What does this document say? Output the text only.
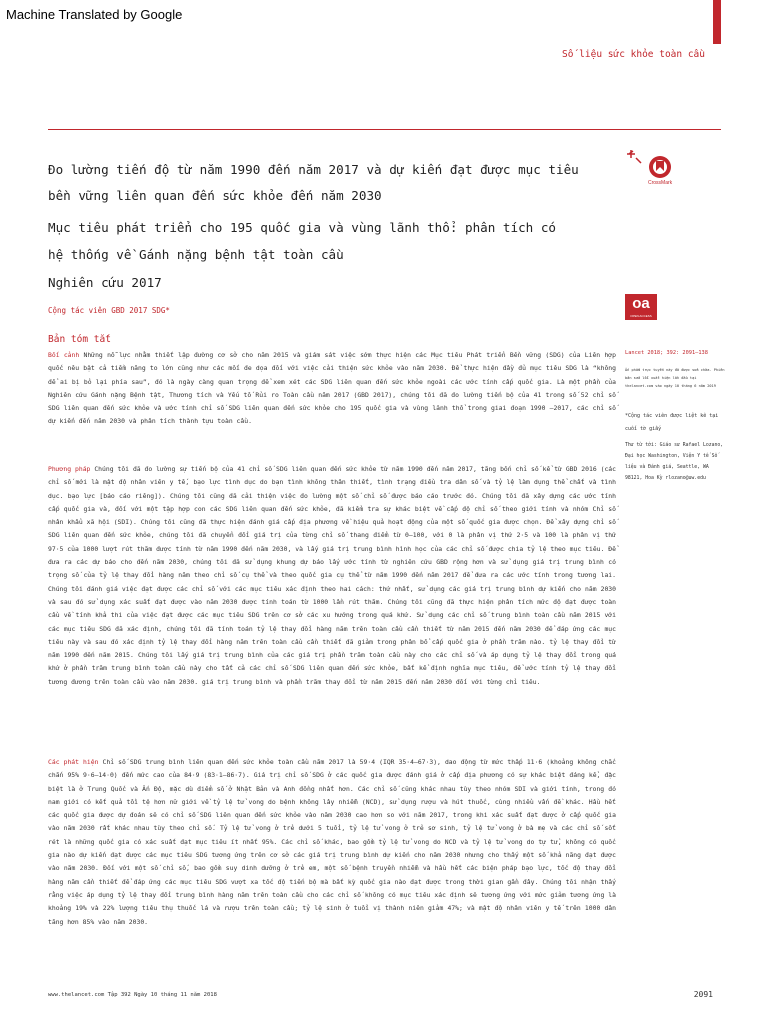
Machine Translated by Google
Số liệu sức khỏe toàn cầu
Đo lường tiến độ từ năm 1990 đến năm 2017 và dự kiến đạt được mục tiêu
bền vững liên quan đến sức khỏe đến năm 2030
Mục tiêu phát triển cho 195 quốc gia và vùng lãnh thổ: phân tích có
hệ thống về Gánh nặng bệnh tật toàn cầu
Nghiên cứu 2017
CrossMark
Cộng tác viên GBD 2017 SDG*	oa
OPEN ACCESS
Bản tóm tắt

Bối cảnh Những nỗ lực nhằm thiết lập đường cơ sở cho năm 2015 và giám sát việc sớm thực hiện các Mục tiêu Phát triển Bền vững (SDG) của Liên hợp quốc nêu bật cả tiềm năng to lớn cũng như các mối đe dọa đối với việc cải thiện sức khỏe vào năm 2030. Để thực hiện đầy đủ mục tiêu SDG là “không để ai bị bỏ lại phía sau”, đó là ngày càng quan trọng để xem xét các SDG liên quan đến sức khỏe ngoài các ước tính cấp quốc gia. Là một phần của Nghiên cứu Gánh nặng Bệnh tật, Thương tích và Yếu tố Rủi ro Toàn cầu năm 2017 (GBD 2017), chúng tôi đã đo lường tiến bộ của 41 trong số 52 chỉ số SDG liên quan đến sức khỏe và ước tính chỉ số SDG liên quan đến sức khỏe cho 195 quốc gia và vùng lãnh thổ trong giai đoạn 1990 –2017, các chỉ số dự kiến đến năm 2030 và phân tích thành tựu toàn cầu.

Phương pháp Chúng tôi đã đo lường sự tiến bộ của 41 chỉ số SDG liên quan đến sức khỏe từ năm 1990 đến năm 2017, tăng bốn chỉ số kể từ GBD 2016 (các chỉ số mới là mật độ nhân viên y tế, bạo lực tình dục do bạn tình không thân thiết, tình trạng điều tra dân số và tỷ lệ làm dụng thể chất và tình dục. bạo lực [báo cáo riêng]). Chúng tôi cũng đã cải thiện việc đo lường một số chỉ số được báo cáo trước đó. Chúng tôi đã xây dựng các ước tính cấp quốc gia và, đối với một tập hợp con các SDG liên quan đến sức khỏe, đã kiểm tra sự khác biệt về cấp độ chỉ số theo giới tính và nhóm Chỉ số nhân khẩu xã hội (SDI). Chúng tôi cũng đã thực hiện đánh giá cấp địa phương về hiệu quả hoạt động của một số quốc gia được chọn. Để xây dựng chỉ số SDG liên quan đến sức khỏe, chúng tôi đã chuyển đổi giá trị của từng chỉ số thang điểm từ 0–100, với 0 là phân vị thứ 2·5 và 100 là phân vị thứ 97·5 của 1000 lượt rút thăm được tính từ năm 1990 đến năm 2030, và lấy giá trị trung bình hình học của các chỉ số được chia tỷ lệ theo mục tiêu. Để đưa ra các dự báo cho đến năm 2030, chúng tôi đã sử dụng khung dự báo lấy ước tính từ nghiên cứu GBD rộng hơn và sử dụng giá trị trung bình có trọng số của tỷ lệ thay đổi hàng năm theo chỉ số cụ thể và theo quốc gia cụ thể từ năm 1990 đến năm 2017 để đưa ra các ước tính trong tương lai. Chúng tôi đánh giá việc đạt được các chỉ số với các mục tiêu xác định theo hai cách: thứ nhất, sử dụng các giá trị trung bình dự kiến cho năm 2030 và sau đó sử dụng xác suất đạt được vào năm 2030 được tính toán từ 1000 lần rút thăm. Chúng tôi cũng đã thực hiện phân tích mức độ đạt được toàn cầu về tính khả thi của việc đạt được các mục tiêu SDG trên cơ sở các xu hướng trong quá khứ. Sử dụng các chỉ số trung bình toàn cầu năm 2015 với các mục tiêu SDG đã xác định, chúng tôi đã tính toán tỷ lệ thay đổi hàng năm trên toàn cầu cần thiết từ năm 2015 đến năm 2030 để đáp ứng các mục tiêu này và sau đó xác định tỷ lệ thay đổi hàng năm trên toàn cầu cần thiết đã giảm trong phân bổ cấp quốc gia ở phần trăm nào. tỷ lệ thay đổi từ năm 1990 đến năm 2015. Chúng tôi lấy giá trị trung bình của các giá trị phần trăm toàn cầu này cho các chỉ số và áp dụng tỷ lệ thay đổi trong quá khứ ở phần trăm trung bình toàn cầu này cho tất cả các chỉ số SDG liên quan đến sức khỏe, bất kể định nghĩa mục tiêu, để ước tính tỷ lệ thay đổi tương đương trên toàn cầu vào năm 2030. giá trị trung bình và phần trăm thay đổi từ năm 2015 đến năm 2030 đối với từng chỉ tiêu.

Các phát hiện Chỉ số SDG trung bình liên quan đến sức khỏe toàn cầu năm 2017 là 59·4 (IQR 35·4–67·3), dao động từ mức thấp 11·6 (khoảng không chắc chắn 95% 9·6–14·0) đến mức cao của 84·9 (83·1–86·7). Giá trị chỉ số SDG ở các quốc gia được đánh giá ở cấp địa phương có sự khác biệt đáng kể, đặc biệt là ở Trung Quốc và Ấn Độ, mặc dù điểm số ở Nhật Bản và Anh đồng nhất hơn. Các chỉ số cũng khác nhau tùy theo nhóm SDI và giới tính, trong đó nam giới có kết quả tồi tệ hơn nữ giới về tỷ lệ tử vong do bệnh không lây nhiễm (NCD), sử dụng rượu và hút thuốc, cùng nhiều vấn đề khác. Hầu hết các quốc gia được dự đoán sẽ có chỉ số SDG liên quan đến sức khỏe vào năm 2030 cao hơn so với năm 2017, trong khi xác suất đạt được ở cấp quốc gia vào năm 2030 rất khác nhau tùy theo chỉ số. Tỷ lệ tử vong ở trẻ dưới 5 tuổi, tỷ lệ tử vong ở trẻ sơ sinh, tỷ lệ tử vong ở bà mẹ và các chỉ số sốt rét là những quốc gia có xác suất đạt mục tiêu ít nhất 95%. Các chỉ số khác, bao gồm tỷ lệ tử vong do NCD và tỷ lệ tử vong do tự tử, không có quốc gia nào dự kiến đạt được các mục tiêu SDG tương ứng trên cơ sở các giá trị trung bình dự kiến cho năm 2030 nhưng cho thấy một số khả năng đạt được vào năm 2030. Đối với một số chỉ số, bao gồm suy dinh dưỡng ở trẻ em, một số bệnh truyền nhiễm và hầu hết các biện pháp bạo lực, tốc độ thay đổi hàng năm cần thiết để đáp ứng các mục tiêu SDG vượt xa tốc độ tiến bộ mà bất kỳ quốc gia nào đạt được trong thời gian gần đây. Chúng tôi nhận thấy rằng việc áp dụng tỷ lệ thay đổi trung bình hàng năm trên toàn cầu cho các chỉ số không có mục tiêu xác định sẽ tương ứng với mức giảm tương ứng là khoảng 19% và 22% lượng tiêu thụ thuốc lá và rượu trên toàn cầu; tỷ lệ sinh ở tuổi vị thành niên giảm 47%; và mật độ nhân viên y tế trên 1000 dân tăng hơn 85% vào năm 2030.

Lancet 2018; 392: 2091–138

Ấn phẩm trực tuyến này đã được sửa chữa. Phiên bản sửa lỗi xuất hiện lần đầu tại thelancet.com vào ngày 10 tháng 6 năm 2019

*Cộng tác viên được liệt kê tại cuối tờ giấy

Thư từ tới: Giáo sư Rafael Lozano, Đại học Washington, Viện Y tế Số liệu và Đánh giá, Seattle, WA 98121, Hoa Kỳ rlozano@uw.edu

www.thelancet.com Tập 392 Ngày 10 tháng 11 năm 2018	2091
